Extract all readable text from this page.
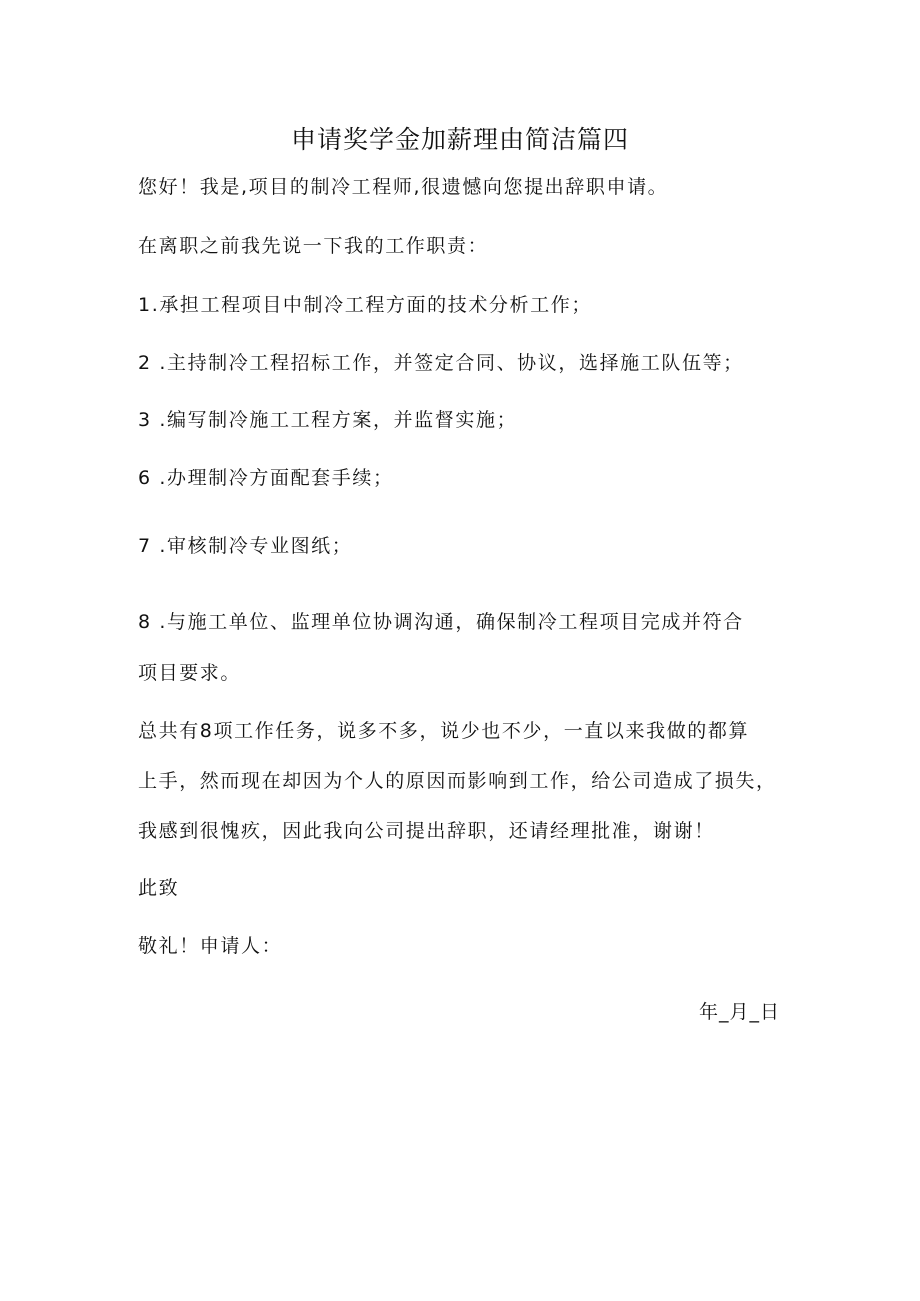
申请奖学金加薪理由简洁篇四
您好！我是,项目的制冷工程师,很遗憾向您提出辞职申请。
在离职之前我先说一下我的工作职责：
1.承担工程项目中制冷工程方面的技术分析工作；
2 .主持制冷工程招标工作，并签定合同、协议，选择施工队伍等；
3 .编写制冷施工工程方案，并监督实施；
6 .办理制冷方面配套手续；
7 .审核制冷专业图纸；
8 .与施工单位、监理单位协调沟通，确保制冷工程项目完成并符合
项目要求。
总共有8项工作任务，说多不多，说少也不少，一直以来我做的都算
上手，然而现在却因为个人的原因而影响到工作，给公司造成了损失，
我感到很愧疚，因此我向公司提出辞职，还请经理批准，谢谢！
此致
敬礼！申请人：
年_月_日
